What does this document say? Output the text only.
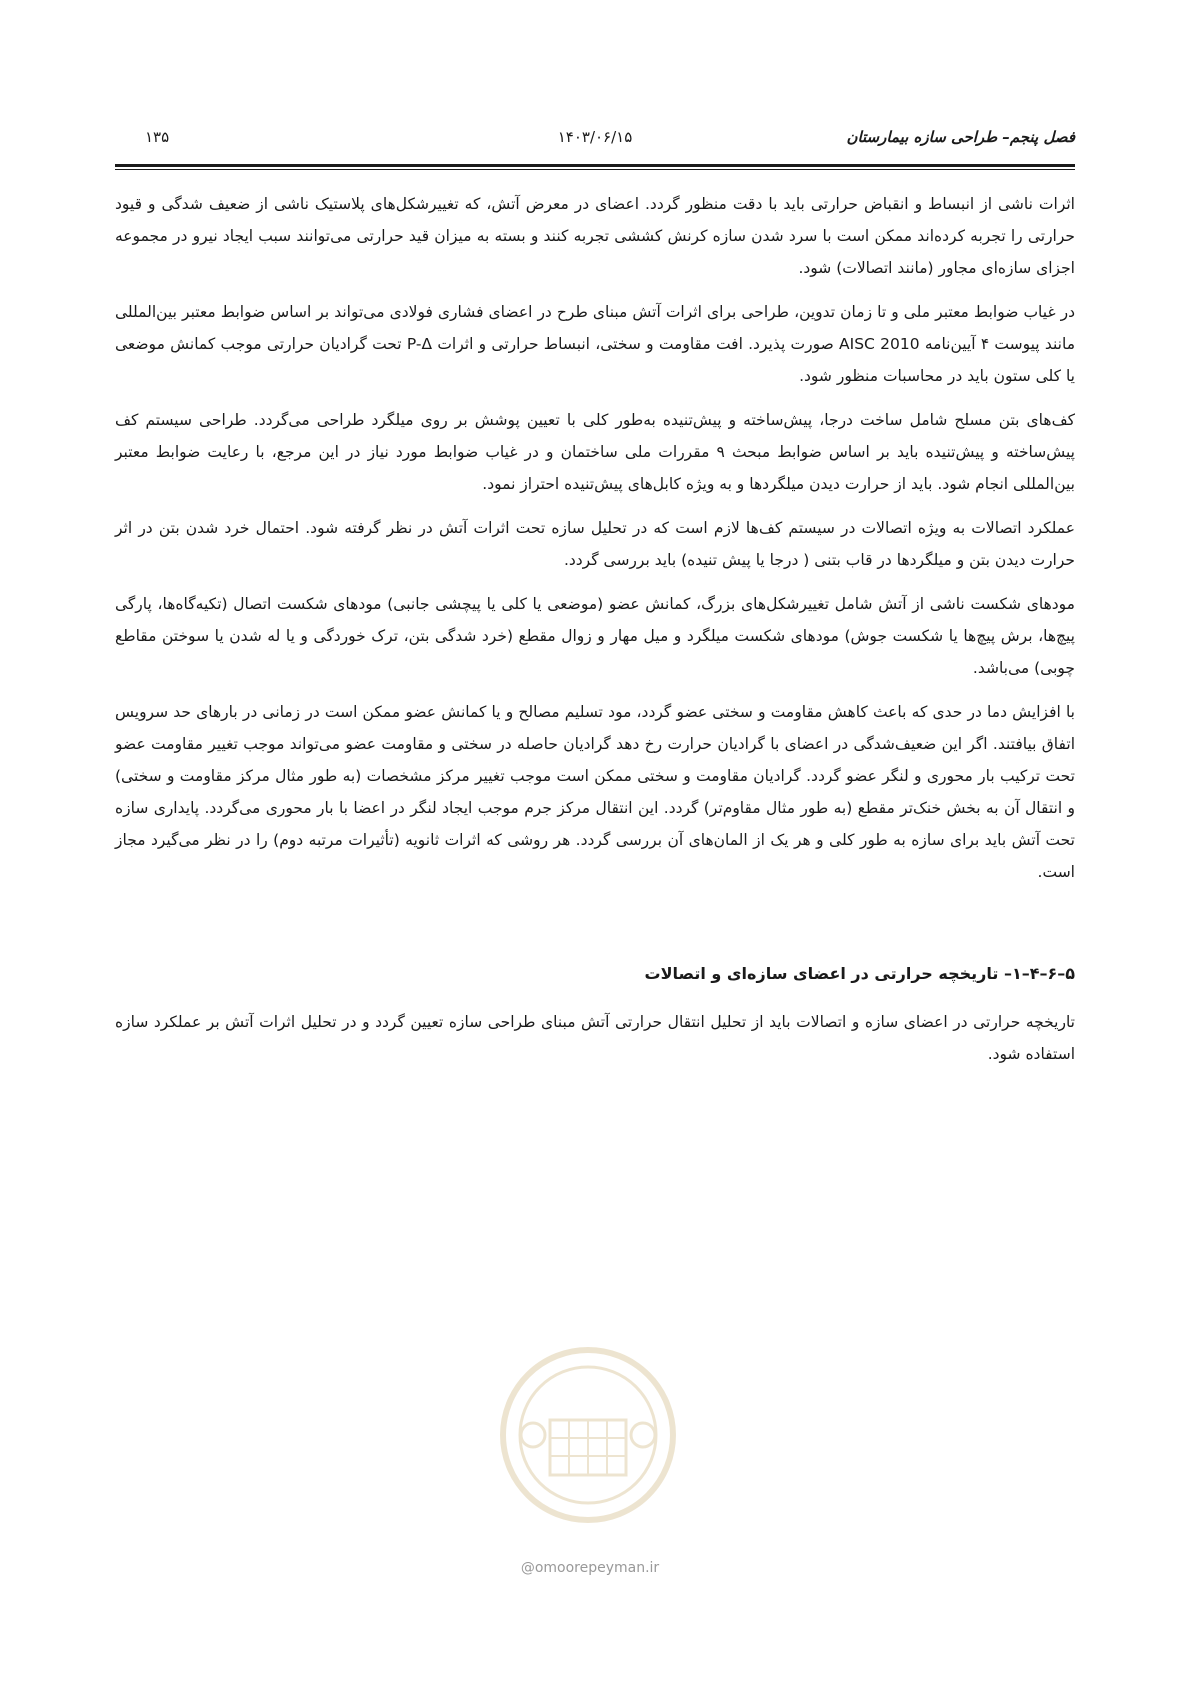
فصل پنجم– طراحی سازه بیمارستان
۱۴۰۳/۰۶/۱۵
۱۳۵

اثرات ناشی از انبساط و انقباض حرارتی باید با دقت منظور گردد. اعضای در معرض آتش، که تغییرشکل‌های پلاستیک ناشی از ضعیف شدگی و قیود حرارتی را تجربه کرده‌اند ممکن است با سرد شدن سازه کرنش کششی تجربه کنند و بسته به میزان قید حرارتی می‌توانند سبب ایجاد نیرو در مجموعه اجزای سازه‌ای مجاور (مانند اتصالات) شود.

در غیاب ضوابط معتبر ملی و تا زمان تدوین، طراحی برای اثرات آتش مبنای طرح در اعضای فشاری فولادی می‌تواند بر اساس ضوابط معتبر بین‌المللی مانند پیوست ۴ آیین‌نامه AISC 2010 صورت پذیرد. افت مقاومت و سختی، انبساط حرارتی و اثرات P-Δ تحت گرادیان حرارتی موجب کمانش موضعی یا کلی ستون باید در محاسبات منظور شود.

کف‌های بتن مسلح شامل ساخت درجا، پیش‌ساخته و پیش‌تنیده به‌طور کلی با تعیین پوشش بر روی میلگرد طراحی می‌گردد. طراحی سیستم کف پیش‌ساخته و پیش‌تنیده باید بر اساس ضوابط مبحث ۹ مقررات ملی ساختمان و در غیاب ضوابط مورد نیاز در این مرجع، با رعایت ضوابط معتبر بین‌المللی انجام شود. باید از حرارت دیدن میلگردها و به ویژه کابل‌های پیش‌تنیده احتراز نمود.

عملکرد اتصالات به ویژه اتصالات در سیستم کف‌ها لازم است که در تحلیل سازه تحت اثرات آتش در نظر گرفته شود. احتمال خرد شدن بتن در اثر حرارت دیدن بتن و میلگردها در قاب بتنی ( درجا یا پیش تنیده) باید بررسی گردد.

مودهای شکست ناشی از آتش شامل تغییرشکل‌های بزرگ، کمانش عضو (موضعی یا کلی یا پیچشی جانبی) مودهای شکست اتصال (تکیه‌گاه‌ها، پارگی پیچ‌ها، برش پیچ‌ها یا شکست جوش) مودهای شکست میلگرد و میل مهار و زوال مقطع (خرد شدگی بتن، ترک خوردگی و یا له شدن یا سوختن مقاطع چوبی) می‌باشد.

با افزایش دما در حدی که باعث کاهش مقاومت و سختی عضو گردد، مود تسلیم مصالح و یا کمانش عضو ممکن است در زمانی در بارهای حد سرویس اتفاق بیافتند. اگر این ضعیف‌شدگی در اعضای با گرادیان حرارت رخ دهد گرادیان حاصله در سختی و مقاومت عضو می‌تواند موجب تغییر مقاومت عضو تحت ترکیب بار محوری و لنگر عضو گردد. گرادیان مقاومت و سختی ممکن است موجب تغییر مرکز مشخصات (به طور مثال مرکز مقاومت و سختی) و انتقال آن به بخش خنک‌تر مقطع (به طور مثال مقاوم‌تر) گردد. این انتقال مرکز جرم موجب ایجاد لنگر در اعضا با بار محوری می‌گردد. پایداری سازه تحت آتش باید برای سازه به طور کلی و هر یک از المان‌های آن بررسی گردد. هر روشی که اثرات ثانویه (تأثیرات مرتبه دوم) را در نظر می‌گیرد مجاز است.

۵–۶–۴–۱– تاریخچه حرارتی در اعضای سازه‌ای و اتصالات

تاریخچه حرارتی در اعضای سازه و اتصالات باید از تحلیل انتقال حرارتی آتش مبنای طراحی سازه تعیین گردد و در تحلیل اثرات آتش بر عملکرد سازه استفاده شود.

@omoorepeyman.ir
